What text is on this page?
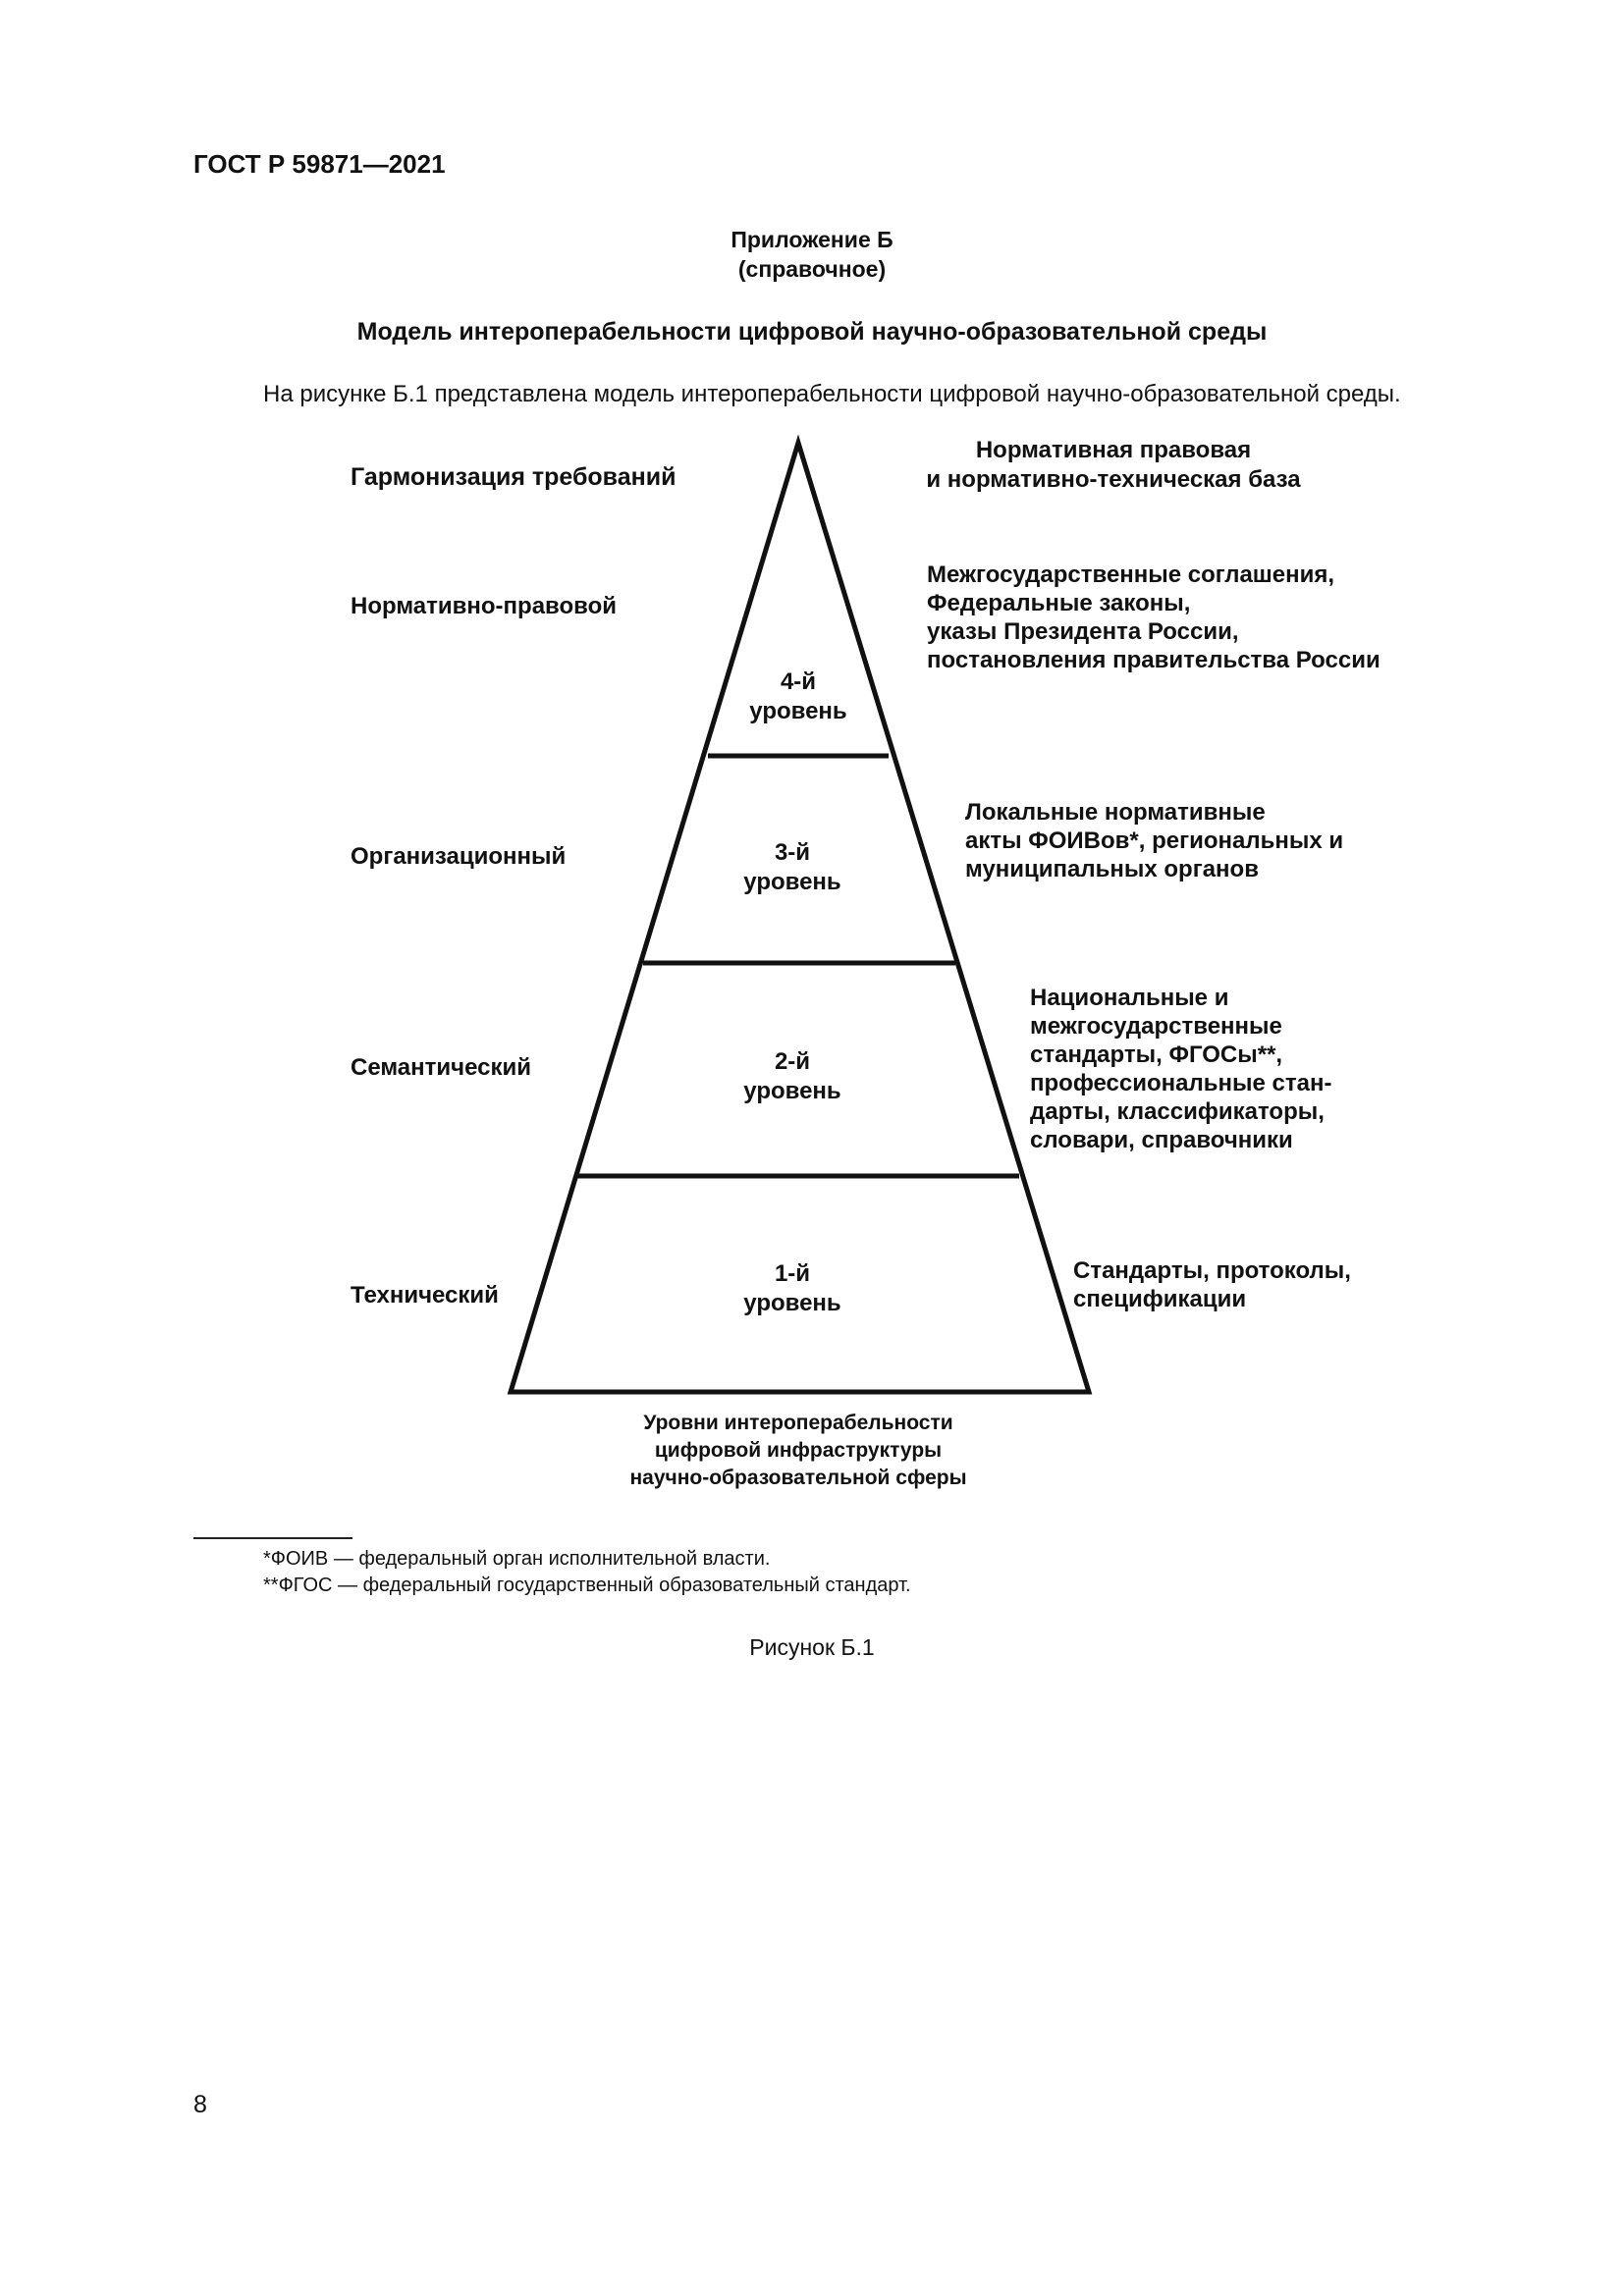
ГОСТ Р 59871—2021
Приложение Б
(справочное)
Модель интероперабельности цифровой научно-образовательной среды
На рисунке Б.1 представлена модель интероперабельности цифровой научно-образовательной среды.
Гармонизация требований
Нормативная правовая
и нормативно-техническая база
Нормативно-правовой
4-й
уровень
Межгосударственные соглашения,
Федеральные законы,
указы Президента России,
постановления правительства России
Организационный	3-й
уровень
Локальные нормативные
акты ФОИВов*, региональных и
муниципальных органов
Семантический	2-й
уровень
Национальные и
межгосударственные
стандарты, ФГОСы**,
профессиональные стан-
дарты, классификаторы,
словари, справочники
Технический
1-й
уровень
Стандарты, протоколы,
спецификации
Уровни интероперабельности
цифровой инфраструктуры
научно-образовательной сферы
*ФОИВ — федеральный орган исполнительной власти.
**ФГОС — федеральный государственный образовательный стандарт.
Рисунок Б.1
8
